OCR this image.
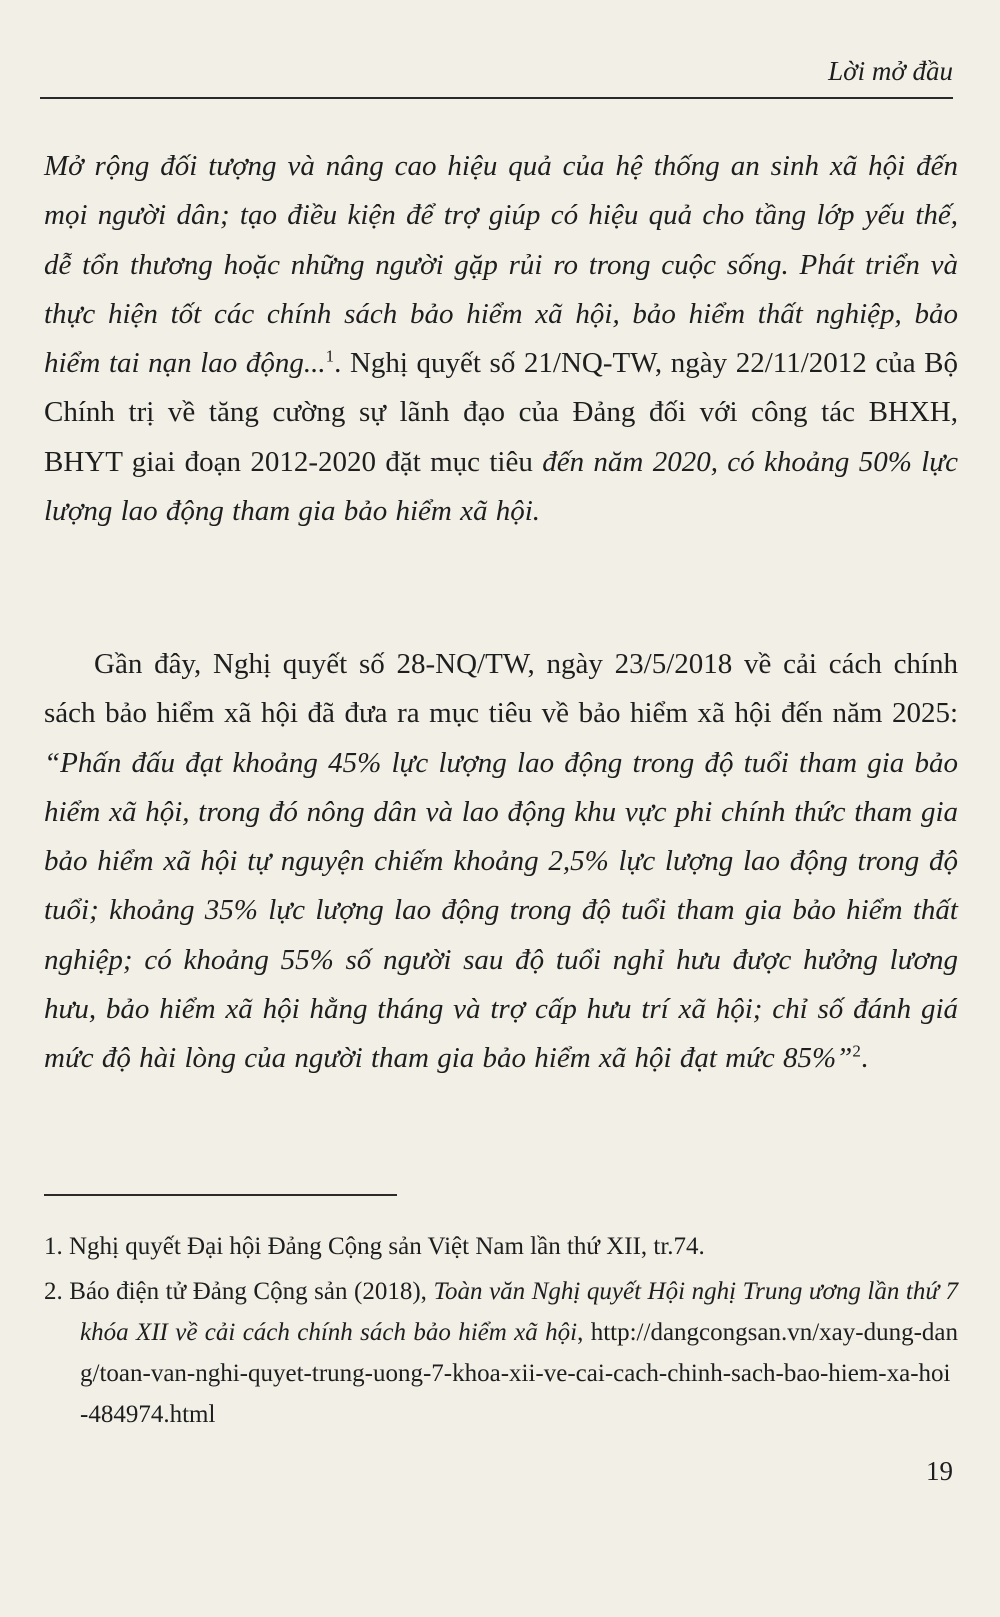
Lời mở đầu

Mở rộng đối tượng và nâng cao hiệu quả của hệ thống an sinh xã hội đến mọi người dân; tạo điều kiện để trợ giúp có hiệu quả cho tầng lớp yếu thế, dễ tổn thương hoặc những người gặp rủi ro trong cuộc sống. Phát triển và thực hiện tốt các chính sách bảo hiểm xã hội, bảo hiểm thất nghiệp, bảo hiểm tai nạn lao động...$^1$. Nghị quyết số 21/NQ-TW, ngày 22/11/2012 của Bộ Chính trị về tăng cường sự lãnh đạo của Đảng đối với công tác BHXH, BHYT giai đoạn 2012-2020 đặt mục tiêu đến năm 2020, có khoảng 50% lực lượng lao động tham gia bảo hiểm xã hội.

Gần đây, Nghị quyết số 28-NQ/TW, ngày 23/5/2018 về cải cách chính sách bảo hiểm xã hội đã đưa ra mục tiêu về bảo hiểm xã hội đến năm 2025: “Phấn đấu đạt khoảng 45% lực lượng lao động trong độ tuổi tham gia bảo hiểm xã hội, trong đó nông dân và lao động khu vực phi chính thức tham gia bảo hiểm xã hội tự nguyện chiếm khoảng 2,5% lực lượng lao động trong độ tuổi; khoảng 35% lực lượng lao động trong độ tuổi tham gia bảo hiểm thất nghiệp; có khoảng 55% số người sau độ tuổi nghỉ hưu được hưởng lương hưu, bảo hiểm xã hội hằng tháng và trợ cấp hưu trí xã hội; chỉ số đánh giá mức độ hài lòng của người tham gia bảo hiểm xã hội đạt mức 85%”$^2$.

1. Nghị quyết Đại hội Đảng Cộng sản Việt Nam lần thứ XII, tr.74.

2. Báo điện tử Đảng Cộng sản (2018), Toàn văn Nghị quyết Hội nghị Trung ương lần thứ 7 khóa XII về cải cách chính sách bảo hiểm xã hội, http://dangcongsan.vn/xay-dung-dang/toan-van-nghi-quyet-trung-uong-7-khoa-xii-ve-cai-cach-chinh-sach-bao-hiem-xa-hoi-484974.html

19
